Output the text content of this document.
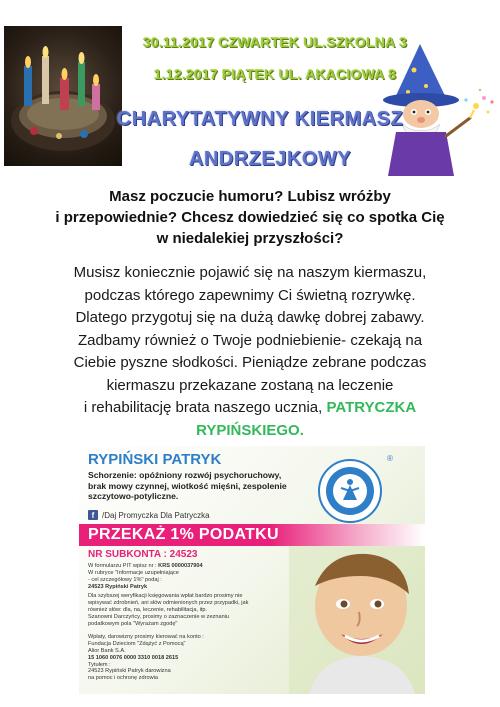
30.11.2017 CZWARTEK UL.SZKOLNA 3
1.12.2017 PIĄTEK UL. AKACIOWA 8
CHARYTATYWNY KIERMASZ
ANDRZEJKOWY
Masz poczucie humoru? Lubisz wróżby
i przepowiednie? Chcesz dowiedzieć się co spotka Cię
w niedalekiej przyszłości?
Musisz koniecznie pojawić się na naszym kiermaszu,
podczas którego zapewnimy Ci świetną rozrywkę.
Dlatego przygotuj się na dużą dawkę dobrej zabawy.
Zadbamy również o Twoje podniebienie- czekają na
Ciebie pyszne słodkości. Pieniądze zebrane podczas
kiermaszu przekazane zostaną na leczenie
i rehabilitację brata naszego ucznia, PATRYCZKA
RYPIŃSKIEGO.
RYPIŃSKI PATRYK
Schorzenie: opóźniony rozwój psychoruchowy, brak mowy czynnej, wiotkość mięśni, zespolenie szczytowo-potyliczne.
f /Daj Promyczka Dla Patryczka
®
PRZEKAŻ 1% PODATKU
NR SUBKONTA : 24523
W formularzu PIT wpisz nr : KRS 0000037904
W rubryce "Informacje uzupełniające
- cel szczegółowy 1%" podaj :
24523 Rypiński Patryk
Dla szybszej weryfikacji księgowania wpłat bardzo prosimy nie
wpisywać zdrobnień, ani słów odmienionych przez przypadki, jak
również słów: dla, na, leczenie, rehabilitacja, itp.
Szanowni Darczyńcy, prosimy o zaznaczenie w zeznaniu
podatkowym pola "Wyrażam zgodę"
Wpłaty, darowizny prosimy kierować na konto :
Fundacja Dzieciom "Zdążyć z Pomocą"
Alior Bank S.A.
15 1060 0076 0000 3310 0018 2615
Tytułem :
24523 Rypiński Patryk darowizna
na pomoc i ochronę zdrowia
